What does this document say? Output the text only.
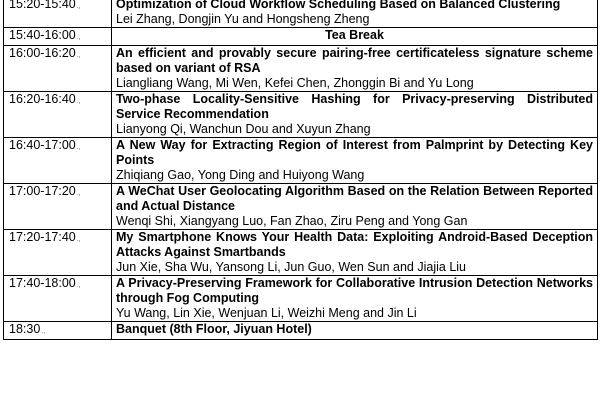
15:20-15:40.,	Optimization of Cloud Workflow Scheduling Based on Balanced Clustering
Lei Zhang, Dongjin Yu and Hongsheng Zheng

15:40-16:00.,	Tea Break

16:00-16:20.,	An efficient and provably secure pairing-free certificateless signature scheme based on variant of RSA
Liangliang Wang, Mi Wen, Kefei Chen, Zhonggin Bi and Yu Long

16:20-16:40.,	Two-phase Locality-Sensitive Hashing for Privacy-preserving Distributed Service Recommendation
Lianyong Qi, Wanchun Dou and Xuyun Zhang

16:40-17:00.,	A New Way for Extracting Region of Interest from Palmprint by Detecting Key Points
Zhiqiang Gao, Yong Ding and Huiyong Wang

17:00-17:20.,	A WeChat User Geolocating Algorithm Based on the Relation Between Reported and Actual Distance
Wenqi Shi, Xiangyang Luo, Fan Zhao, Ziru Peng and Yong Gan

17:20-17:40.,	My Smartphone Knows Your Health Data: Exploiting Android-Based Deception Attacks Against Smartbands
Jun Xie, Sha Wu, Yansong Li, Jun Guo, Wen Sun and Jiajia Liu

17:40-18:00.,	A Privacy-Preserving Framework for Collaborative Intrusion Detection Networks through Fog Computing
Yu Wang, Lin Xie, Wenjuan Li, Weizhi Meng and Jin Li

18:30.,	Banquet (8th Floor, Jiyuan Hotel)
